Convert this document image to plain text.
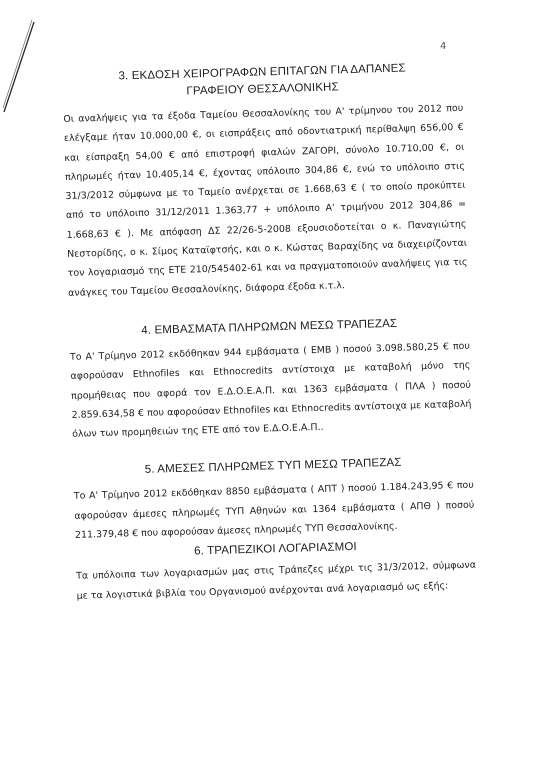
4
3. ΕΚΔΟΣΗ ΧΕΙΡΟΓΡΑΦΩΝ ΕΠΙΤΑΓΩΝ ΓΙΑ ΔΑΠΑΝΕΣ
ΓΡΑΦΕΙΟΥ ΘΕΣΣΑΛΟΝΙΚΗΣ

Οι αναλήψεις για τα έξοδα Ταμείου Θεσσαλονίκης του Α' τρίμηνου του 2012 που ελέγξαμε ήταν 10.000,00 €, οι εισπράξεις από οδοντιατρική περίθαλψη 656,00 € και είσπραξη 54,00 € από επιστροφή φιαλών ΖΑΓΟΡΙ, σύνολο 10.710,00 €, οι πληρωμές ήταν 10.405,14 €, έχοντας υπόλοιπο 304,86 €, ενώ το υπόλοιπο στις 31/3/2012 σύμφωνα με το Ταμείο ανέρχεται σε 1.668,63 € ( το οποίο προκύπτει από το υπόλοιπο 31/12/2011 1.363,77 + υπόλοιπο Α' τριμήνου 2012 304,86 = 1.668,63 € ). Με απόφαση ΔΣ 22/26-5-2008 εξουσιοδοτείται ο κ. Παναγιώτης Νεστορίδης, ο κ. Σίμος Καταϊφτσής, και ο κ. Κώστας Βαραχίδης να διαχειρίζονται τον λογαριασμό της ΕΤΕ 210/545402-61 και να πραγματοποιούν αναλήψεις για τις ανάγκες του Ταμείου Θεσσαλονίκης, διάφορα έξοδα κ.τ.λ.

4. ΕΜΒΑΣΜΑΤΑ ΠΛΗΡΩΜΩΝ ΜΕΣΩ ΤΡΑΠΕΖΑΣ

Το Α' Τρίμηνο 2012 εκδόθηκαν 944 εμβάσματα ( ΕΜΒ ) ποσού 3.098.580,25 € που αφορούσαν Ethnofiles και Ethnocredits αντίστοιχα με καταβολή μόνο της προμήθειας που αφορά τον Ε.Δ.Ο.Ε.Α.Π. και 1363 εμβάσματα ( ΠΛΑ ) ποσού 2.859.634,58 € που αφορούσαν Ethnofiles και Ethnocredits αντίστοιχα με καταβολή όλων των προμηθειών της ΕΤΕ από τον Ε.Δ.Ο.Ε.Α.Π..

5. ΑΜΕΣΕΣ ΠΛΗΡΩΜΕΣ ΤΥΠ ΜΕΣΩ ΤΡΑΠΕΖΑΣ

Το Α' Τρίμηνο 2012 εκδόθηκαν 8850 εμβάσματα ( ΑΠΤ ) ποσού 1.184.243,95 € που αφορούσαν άμεσες πληρωμές ΤΥΠ Αθηνών και 1364 εμβάσματα ( ΑΠΘ ) ποσού 211.379,48 € που αφορούσαν άμεσες πληρωμές ΤΥΠ Θεσσαλονίκης.

6. ΤΡΑΠΕΖΙΚΟΙ ΛΟΓΑΡΙΑΣΜΟΙ

Τα υπόλοιπα των λογαριασμών μας στις Τράπεζες μέχρι τις 31/3/2012, σύμφωνα με τα λογιστικά βιβλία του Οργανισμού ανέρχονται ανά λογαριασμό ως εξής:
